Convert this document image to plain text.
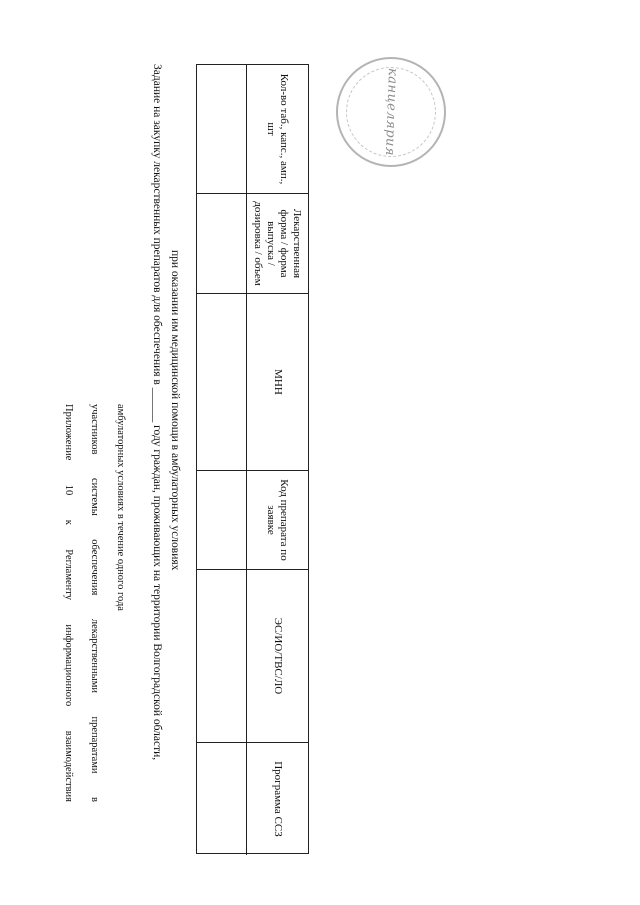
Приложение 10 к Регламенту информационного взаимодействия участников системы обеспечения лекарственными препаратами в амбулаторных условиях в течение одного года Задание на закупку лекарственных препаратов для обеспечения в ______ году граждан, проживающих на территории Волгоградской области, при оказании им медицинской помощи в амбулаторных условиях
Кол-во таб., капс., амп., шт
Лекарственная форма / форма выпуска / дозировка / объем
МНН
Код препарата по заявке
ЭС/ИО/ТВС/ЛО
Программа ССЗ
канцелярия
